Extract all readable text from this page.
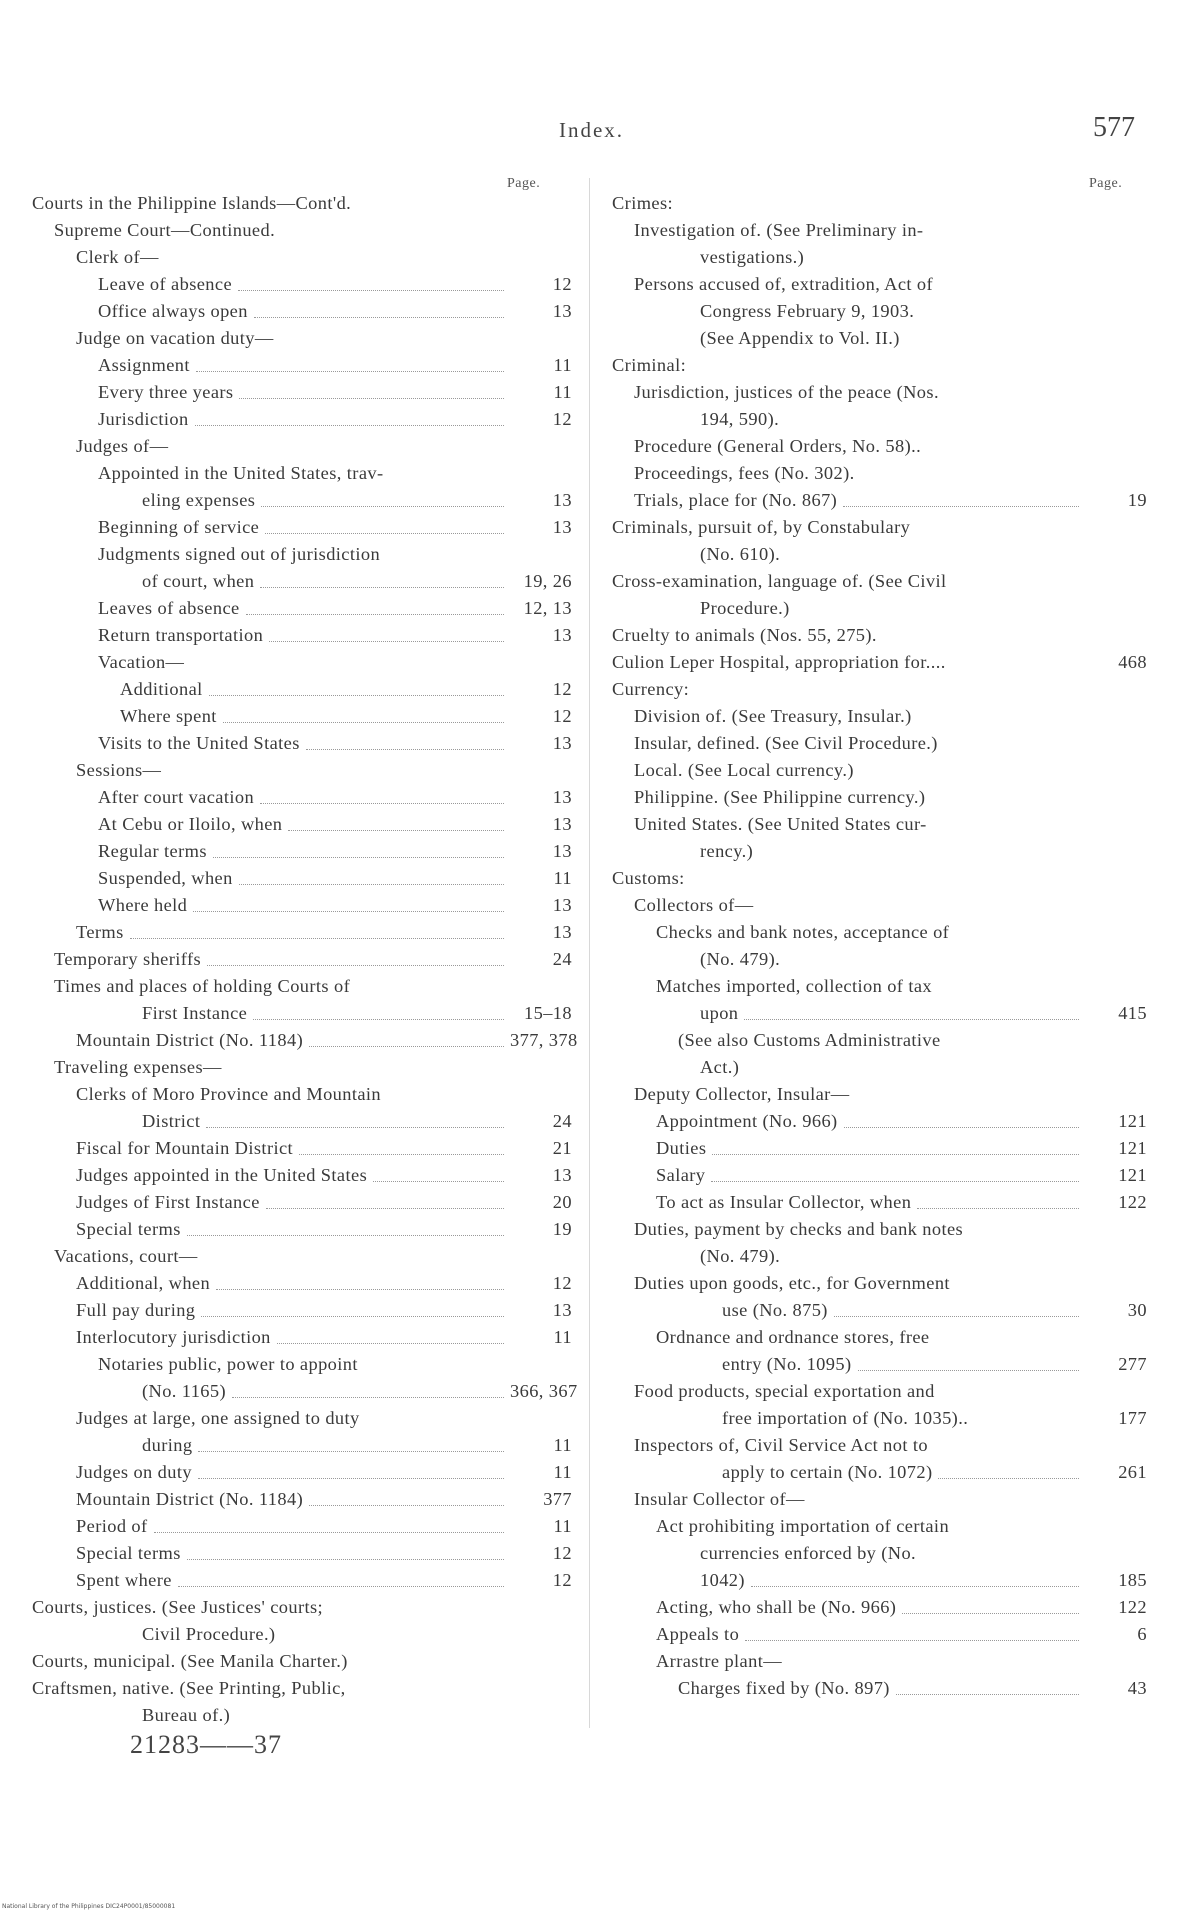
Index.	577
Page.
Courts in the Philippine Islands—Cont'd.
Supreme Court—Continued.
Clerk of—
Leave of absence	12
Office always open	13
Judge on vacation duty—
Assignment	11
Every three years	11
Jurisdiction	12
Judges of—
Appointed in the United States, trav-
eling expenses	13
Beginning of service	13
Judgments signed out of jurisdiction
of court, when	19, 26
Leaves of absence	12, 13
Return transportation	13
Vacation—
Additional	12
Where spent	12
Visits to the United States	13
Sessions—
After court vacation	13
At Cebu or Iloilo, when	13
Regular terms	13
Suspended, when	11
Where held	13
Terms	13
Temporary sheriffs	24
Times and places of holding Courts of
First Instance	15–18
Mountain District (No. 1184)	377, 378
Traveling expenses—
Clerks of Moro Province and Mountain
District	24
Fiscal for Mountain District	21
Judges appointed in the United States	13
Judges of First Instance	20
Special terms	19
Vacations, court—
Additional, when	12
Full pay during	13
Interlocutory jurisdiction	11
Notaries public, power to appoint
(No. 1165)	366, 367
Judges at large, one assigned to duty
during	11
Judges on duty	11
Mountain District (No. 1184)	377
Period of	11
Special terms	12
Spent where	12
Courts, justices. (See Justices' courts;
Civil Procedure.)
Courts, municipal. (See Manila Charter.)
Craftsmen, native. (See Printing, Public,
Bureau of.)
Page.
Crimes:
Investigation of. (See Preliminary in-
vestigations.)
Persons accused of, extradition, Act of
Congress February 9, 1903.
(See Appendix to Vol. II.)
Criminal:
Jurisdiction, justices of the peace (Nos.
194, 590).
Procedure (General Orders, No. 58)..
Proceedings, fees (No. 302).
Trials, place for (No. 867)	19
Criminals, pursuit of, by Constabulary
(No. 610).
Cross-examination, language of. (See Civil
Procedure.)
Cruelty to animals (Nos. 55, 275).
Culion Leper Hospital, appropriation for....	468
Currency:
Division of. (See Treasury, Insular.)
Insular, defined. (See Civil Procedure.)
Local. (See Local currency.)
Philippine. (See Philippine currency.)
United States. (See United States cur-
rency.)
Customs:
Collectors of—
Checks and bank notes, acceptance of
(No. 479).
Matches imported, collection of tax
upon	415
(See also Customs Administrative
Act.)
Deputy Collector, Insular—
Appointment (No. 966)	121
Duties	121
Salary	121
To act as Insular Collector, when	122
Duties, payment by checks and bank notes
(No. 479).
Duties upon goods, etc., for Government
use (No. 875)	30
Ordnance and ordnance stores, free
entry (No. 1095)	277
Food products, special exportation and
free importation of (No. 1035)..	177
Inspectors of, Civil Service Act not to
apply to certain (No. 1072)	261
Insular Collector of—
Act prohibiting importation of certain
currencies enforced by (No.
1042)	185
Acting, who shall be (No. 966)	122
Appeals to	6
Arrastre plant—
Charges fixed by (No. 897)	43
21283——37
National Library of the Philippines DIC24P0001/85000081
